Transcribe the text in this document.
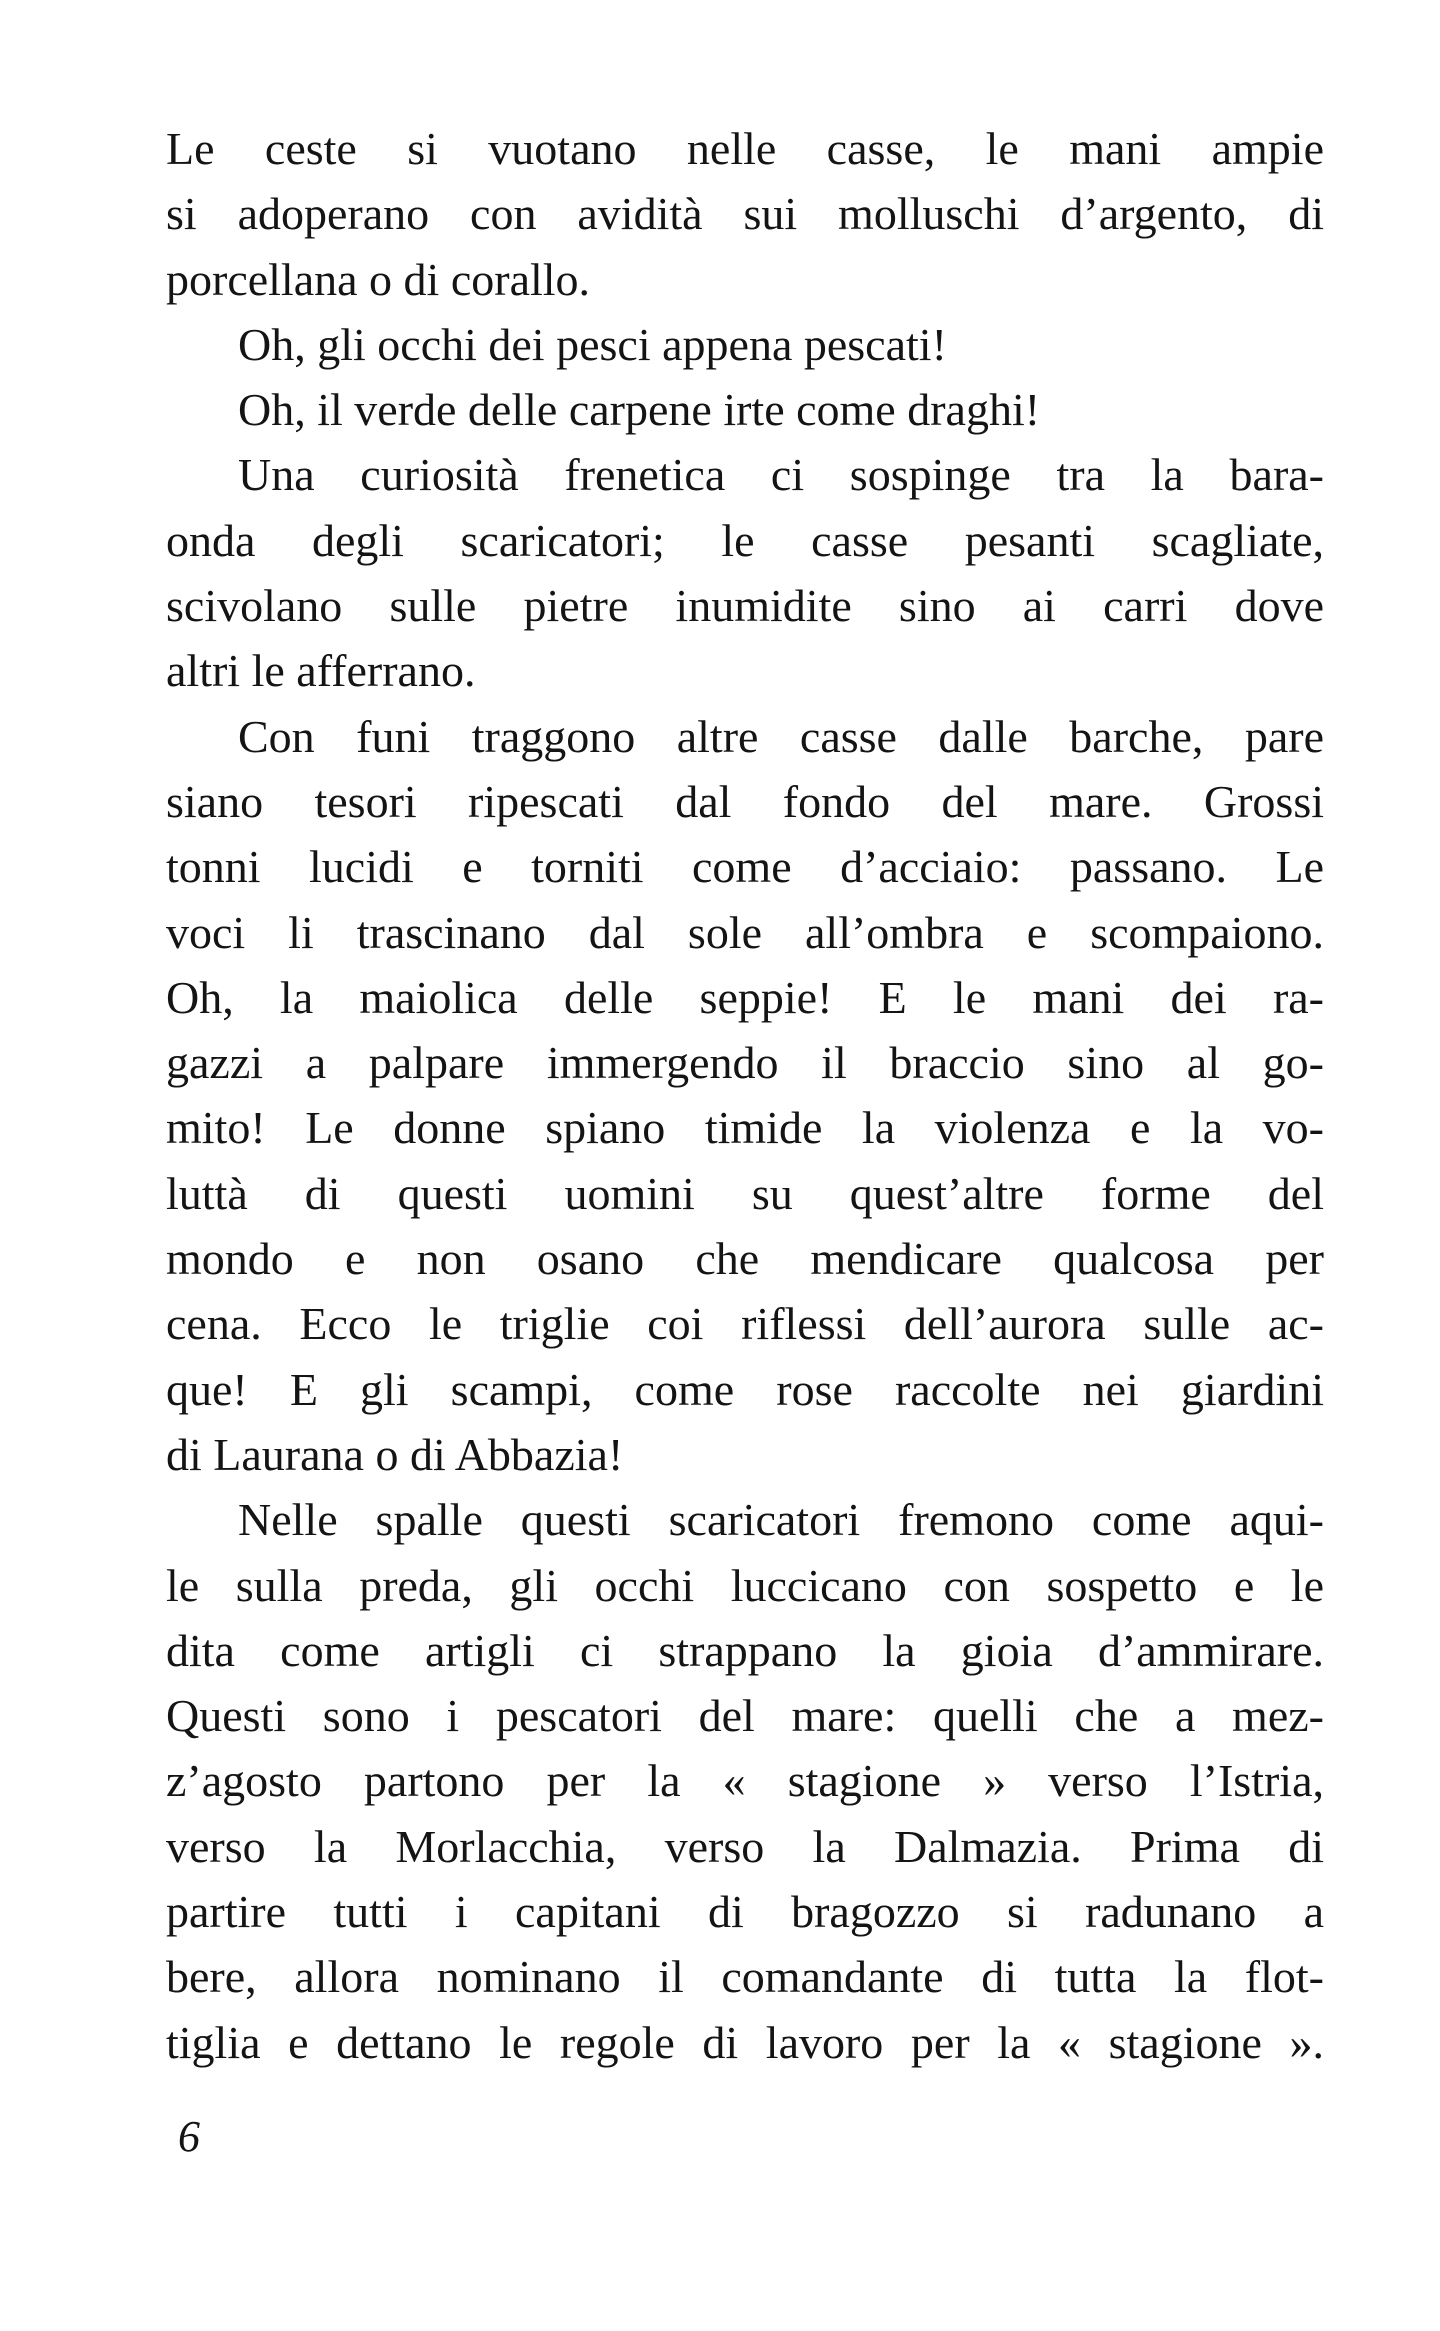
Le ceste si vuotano nelle casse, le mani ampie
si adoperano con avidità sui molluschi d’argento, di
porcellana o di corallo.
Oh, gli occhi dei pesci appena pescati!
Oh, il verde delle carpene irte come draghi!
Una curiosità frenetica ci sospinge tra la bara-
onda degli scaricatori; le casse pesanti scagliate,
scivolano sulle pietre inumidite sino ai carri dove
altri le afferrano.
Con funi traggono altre casse dalle barche, pare
siano tesori ripescati dal fondo del mare. Grossi
tonni lucidi e torniti come d’acciaio: passano. Le
voci li trascinano dal sole all’ombra e scompaiono.
Oh, la maiolica delle seppie! E le mani dei ra-
gazzi a palpare immergendo il braccio sino al go-
mito! Le donne spiano timide la violenza e la vo-
luttà di questi uomini su quest’altre forme del
mondo e non osano che mendicare qualcosa per
cena. Ecco le triglie coi riflessi dell’aurora sulle ac-
que! E gli scampi, come rose raccolte nei giardini
di Laurana o di Abbazia!
Nelle spalle questi scaricatori fremono come aqui-
le sulla preda, gli occhi luccicano con sospetto e le
dita come artigli ci strappano la gioia d’ammirare.
Questi sono i pescatori del mare: quelli che a mez-
z’agosto partono per la « stagione » verso l’Istria,
verso la Morlacchia, verso la Dalmazia. Prima di
partire tutti i capitani di bragozzo si radunano a
bere, allora nominano il comandante di tutta la flot-
tiglia e dettano le regole di lavoro per la « stagione ».
6
